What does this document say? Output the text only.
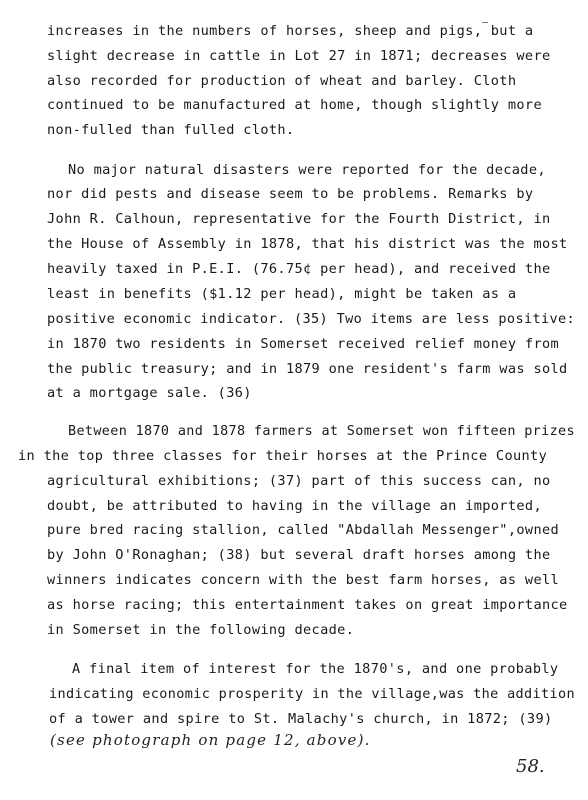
increases in the numbers of horses, sheep and pigs, but a
slight decrease in cattle in Lot 27 in 1871; decreases were
also recorded for production of wheat and barley. Cloth
continued to be manufactured at home, though slightly more
non-fulled than fulled cloth.
No major natural disasters were reported for the decade,
nor did pests and disease seem to be problems. Remarks by
John R. Calhoun, representative for the Fourth District, in
the House of Assembly in 1878, that his district was the most
heavily taxed in P.E.I. (76.75¢ per head), and received the
least in benefits ($1.12 per head), might be taken as a
positive economic indicator. (35) Two items are less positive:
in 1870 two residents in Somerset received relief money from
the public treasury; and in 1879 one resident's farm was sold
at a mortgage sale. (36)
Between 1870 and 1878 farmers at Somerset won fifteen prizes
in the top three classes for their horses at the Prince County
agricultural exhibitions; (37) part of this success can, no
doubt, be attributed to having in the village an imported,
pure bred racing stallion, called "Abdallah Messenger",owned
by John O'Ronaghan; (38) but several draft horses among the
winners indicates concern with the best farm horses, as well
as horse racing; this entertainment takes on great importance
in Somerset in the following decade.
A final item of interest for the 1870's, and one probably
indicating economic prosperity in the village,was the addition
of a tower and spire to St. Malachy's church, in 1872; (39)
(see photograph on page 12, above).
58.
